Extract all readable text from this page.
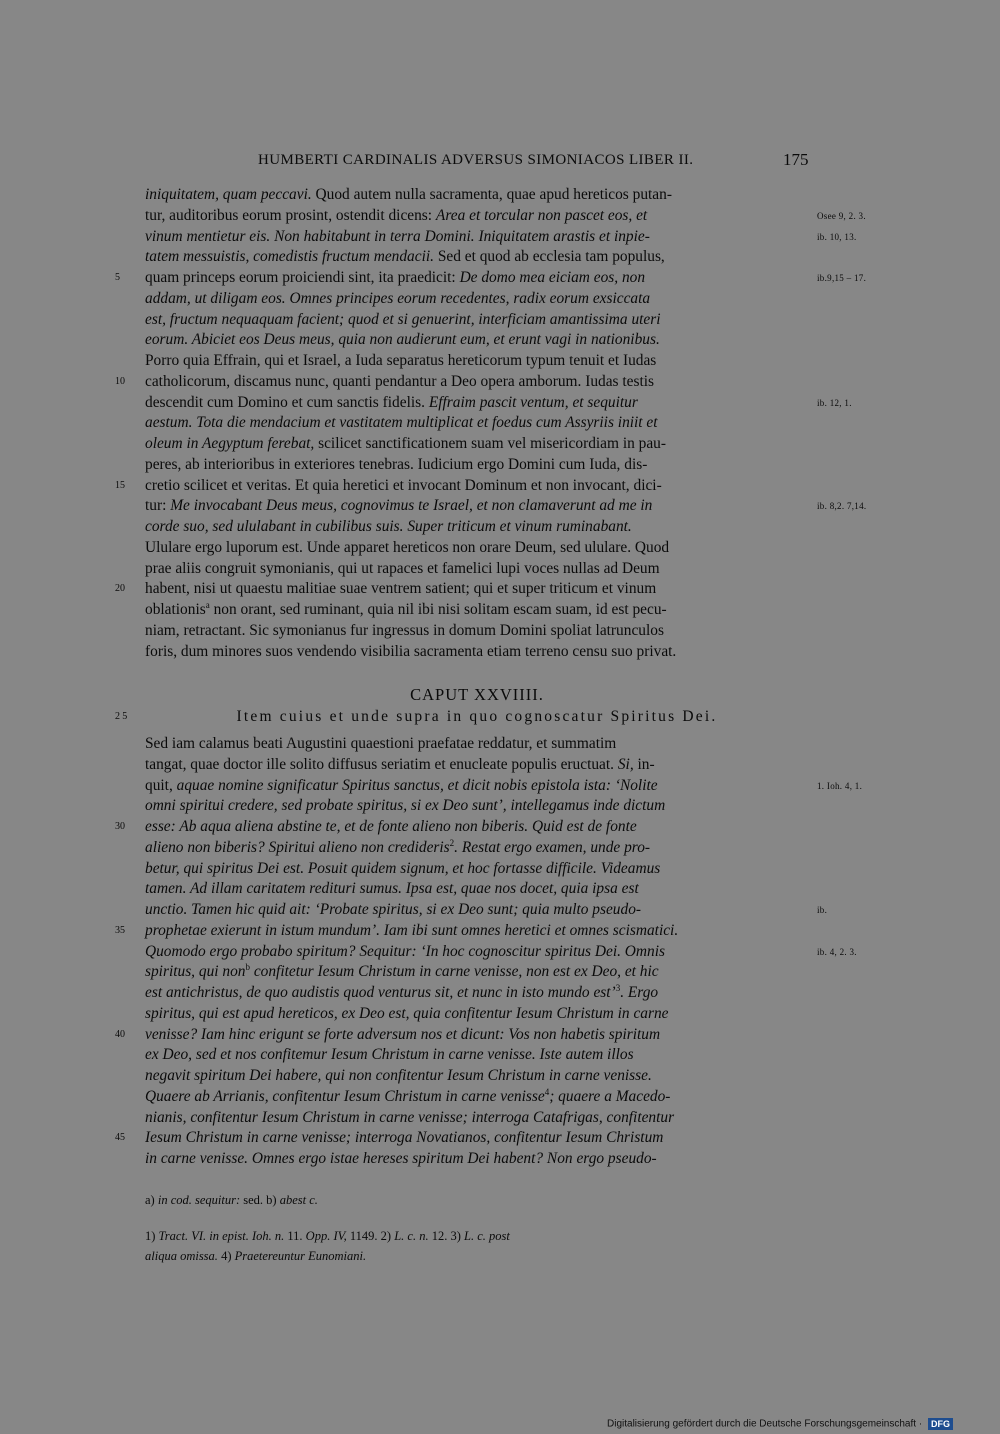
HUMBERTI CARDINALIS ADVERSUS SIMONIACOS LIBER II.	175
iniquitatem, quam peccavi. Quod autem nulla sacramenta, quae apud hereticos putan-
tur, auditoribus eorum prosint, ostendit dicens: Area et torcular non pascet eos, et	Osee 9, 2. 3.
vinum mentietur eis. Non habitabunt in terra Domini. Iniquitatem arastis et inpie-	ib. 10, 13.
tatem messuistis, comedistis fructum mendacii. Sed et quod ab ecclesia tam populus,
5	quam princeps eorum proiciendi sint, ita praedicit: De domo mea eiciam eos, non	ib.9,15 – 17.
addam, ut diligam eos. Omnes principes eorum recedentes, radix eorum exsiccata
est, fructum nequaquam facient; quod et si genuerint, interficiam amantissima uteri
eorum. Abiciet eos Deus meus, quia non audierunt eum, et erunt vagi in nationibus.
Porro quia Effrain, qui et Israel, a Iuda separatus hereticorum typum tenuit et Iudas
10	catholicorum, discamus nunc, quanti pendantur a Deo opera amborum. Iudas testis
descendit cum Domino et cum sanctis fidelis. Effraim pascit ventum, et sequitur	ib. 12, 1.
aestum. Tota die mendacium et vastitatem multiplicat et foedus cum Assyriis iniit et
oleum in Aegyptum ferebat, scilicet sanctificationem suam vel misericordiam in pau-
peres, ab interioribus in exteriores tenebras. Iudicium ergo Domini cum Iuda, dis-
15	cretio scilicet et veritas. Et quia heretici et invocant Dominum et non invocant, dici-
tur: Me invocabant Deus meus, cognovimus te Israel, et non clamaverunt ad me in	ib. 8,2. 7,14.
corde suo, sed ululabant in cubilibus suis. Super triticum et vinum ruminabant.
Ululare ergo luporum est. Unde apparet hereticos non orare Deum, sed ululare. Quod
prae aliis congruit symonianis, qui ut rapaces et famelici lupi voces nullas ad Deum
20	habent, nisi ut quaestu malitiae suae ventrem satient; qui et super triticum et vinum
oblationis$^a$ non orant, sed ruminant, quia nil ibi nisi solitam escam suam, id est pecu-
niam, retractant. Sic symonianus fur ingressus in domum Domini spoliat latrunculos
foris, dum minores suos vendendo visibilia sacramenta etiam terreno censu suo privat.
CAPUT XXVIIII.
25	Item cuius et unde supra in quo cognoscatur Spiritus Dei.
Sed iam calamus beati Augustini quaestioni praefatae reddatur, et summatim
tangat, quae doctor ille solito diffusus seriatim et enucleate populis eructuat. Si, in-
quit, aquae nomine significatur Spiritus sanctus, et dicit nobis epistola ista: ‘Nolite	1. Ioh. 4, 1.
omni spiritui credere, sed probate spiritus, si ex Deo sunt’, intellegamus inde dictum
30	esse: Ab aqua aliena abstine te, et de fonte alieno non biberis. Quid est de fonte
alieno non biberis? Spiritui alieno non credideris$^2$. Restat ergo examen, unde pro-
betur, qui spiritus Dei est. Posuit quidem signum, et hoc fortasse difficile. Videamus
tamen. Ad illam caritatem redituri sumus. Ipsa est, quae nos docet, quia ipsa est
unctio. Tamen hic quid ait: ‘Probate spiritus, si ex Deo sunt; quia multo pseudo-	ib.
35	prophetae exierunt in istum mundum’. Iam ibi sunt omnes heretici et omnes scismatici.
Quomodo ergo probabo spiritum? Sequitur: ‘In hoc cognoscitur spiritus Dei. Omnis	ib. 4, 2. 3.
spiritus, qui non$^b$ confitetur Iesum Christum in carne venisse, non est ex Deo, et hic
est antichristus, de quo audistis quod venturus sit, et nunc in isto mundo est’$^3$. Ergo
spiritus, qui est apud hereticos, ex Deo est, quia confitentur Iesum Christum in carne
40	venisse? Iam hinc erigunt se forte adversum nos et dicunt: Vos non habetis spiritum
ex Deo, sed et nos confitemur Iesum Christum in carne venisse. Iste autem illos
negavit spiritum Dei habere, qui non confitentur Iesum Christum in carne venisse.
Quaere ab Arrianis, confitentur Iesum Christum in carne venisse$^4$; quaere a Macedo-
nianis, confitentur Iesum Christum in carne venisse; interroga Catafrigas, confitentur
45	Iesum Christum in carne venisse; interroga Novatianos, confitentur Iesum Christum
in carne venisse. Omnes ergo istae hereses spiritum Dei habent? Non ergo pseudo-
a) in cod. sequitur: sed. b) abest c.
1) Tract. VI. in epist. Ioh. n. 11. Opp. IV, 1149. 2) L. c. n. 12. 3) L. c. post
aliqua omissa. 4) Praetereuntur Eunomiani.
Digitalisierung gefördert durch die Deutsche Forschungsgemeinschaft · DFG
